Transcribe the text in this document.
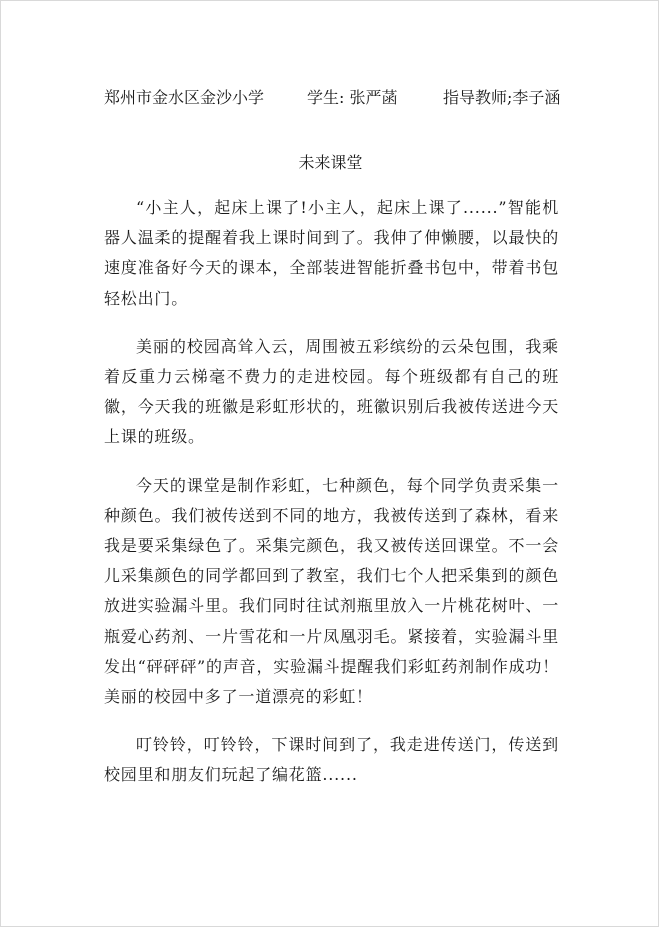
郑州市金水区金沙小学	学生: 张严菡	指导教师;李子涵
未来课堂

“小主人，起床上课了!小主人，起床上课了......”智能机器人温柔的提醒着我上课时间到了。我伸了伸懒腰，以最快的速度准备好今天的课本，全部装进智能折叠书包中，带着书包轻松出门。

美丽的校园高耸入云，周围被五彩缤纷的云朵包围，我乘着反重力云梯毫不费力的走进校园。每个班级都有自己的班徽，今天我的班徽是彩虹形状的，班徽识别后我被传送进今天上课的班级。

今天的课堂是制作彩虹，七种颜色，每个同学负责采集一种颜色。我们被传送到不同的地方，我被传送到了森林，看来我是要采集绿色了。采集完颜色，我又被传送回课堂。不一会儿采集颜色的同学都回到了教室，我们七个人把采集到的颜色放进实验漏斗里。我们同时往试剂瓶里放入一片桃花树叶、一瓶爱心药剂、一片雪花和一片凤凰羽毛。紧接着，实验漏斗里发出“砰砰砰”的声音，实验漏斗提醒我们彩虹药剂制作成功！美丽的校园中多了一道漂亮的彩虹！

叮铃铃，叮铃铃，下课时间到了，我走进传送门，传送到校园里和朋友们玩起了编花篮......
